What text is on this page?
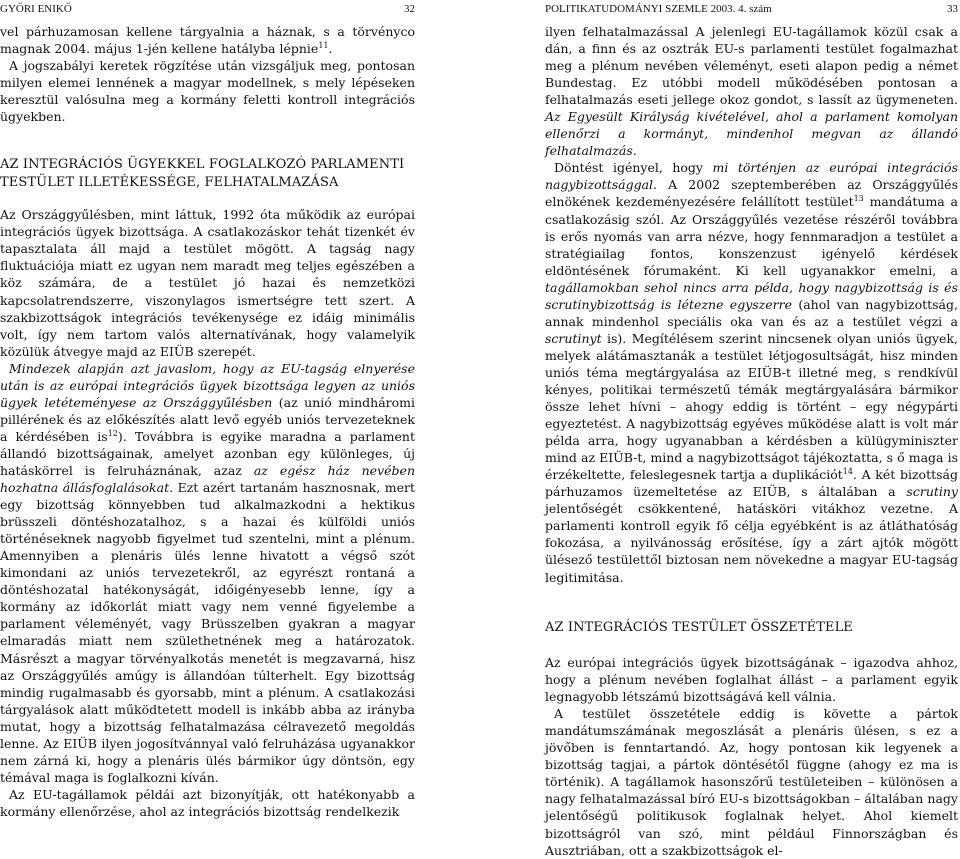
GYŐRI ENIKŐ	32	POLITIKATUDOMÁNYI SZEMLE 2003. 4. szám	33

vel párhuzamosan kellene tárgyalnia a háznak, s a törvényco magnak 2004. május 1-jén kellene hatályba lépnie$^{11}$.

A jogszabályi keretek rögzítése után vizsgáljuk meg, pontosan milyen elemei lennének a magyar modellnek, s mely lépéseken keresztül valósulna meg a kormány feletti kontroll integrációs ügyekben.

AZ INTEGRÁCIÓS ÜGYEKKEL FOGLALKOZÓ PARLAMENTI TESTÜLET ILLETÉKESSÉGE, FELHATALMAZÁSA

Az Országgyűlésben, mint láttuk, 1992 óta működik az európai integrációs ügyek bizottsága. A csatlakozáskor tehát tizenkét év tapasztalata áll majd a testület mögött. A tagság nagy fluktuációja miatt ez ugyan nem maradt meg teljes egészében a köz számára, de a testület jó hazai és nemzetközi kapcsolatrendszerre, viszonylagos ismertségre tett szert. A szakbizottságok integrációs tevékenysége ez idáig minimális volt, így nem tartom valós alternatívának, hogy valamelyik közülük átvegye majd az EIÜB szerepét.

Mindezek alapján azt javaslom, hogy az EU-tagság elnyerése után is az európai integrációs ügyek bizottsága legyen az uniós ügyek letéteményese az Országgyűlésben (az unió mindháromi pillérének és az előkészítés alatt levő egyéb uniós tervezeteknek a kérdésében $is^{12}$). Továbbra is egyike maradna a parlament állandó bizottságainak, amelyet azonban egy különleges, új hatáskörrel is felruháznának, azaz az egész ház nevében hozhatna állásfoglalásokat. Ezt azért tartanám hasznosnak, mert egy bizottság könnyebben tud alkalmazkodni a hektikus brüsszeli döntéshozatalhoz, s a hazai és külföldi uniós történéseknek nagyobb figyelmet tud szentelni, mint a plénum. Amennyiben a plenáris ülés lenne hivatott a végső szót kimondani az uniós tervezetekről, az egyrészt rontaná a döntéshozatal hatékonyságát, időigényesebb lenne, így a kormány az időkorlát miatt vagy nem venné figyelembe a parlament véleményét, vagy Brüsszelben gyakran a magyar elmaradás miatt nem születhetnének meg a határozatok. Másrészt a magyar törvényalkotás menetét is megzavarná, hisz az Országgyűlés amúgy is állandóan túlterhelt. Egy bizottság mindig rugalmasabb és gyorsabb, mint a plénum. A csatlakozási tárgyalások alatt működtetett modell is inkább abba az irányba mutat, hogy a bizottság felhatalmazása célravezető megoldás lenne. Az EIÜB ilyen jogosítvánnyal való felruházása ugyanakkor nem zárná ki, hogy a plenáris ülés bármikor úgy döntsön, egy témával maga is foglalkozni kíván.

Az EU-tagállamok példái azt bizonyítják, ott hatékonyabb a kormány ellenőrzése, ahol az integrációs bizottság rendelkezik

ilyen felhatalmazással A jelenlegi EU-tagállamok közül csak a dán, a finn és az osztrák EU-s parlamenti testület fogalmazhat meg a plénum nevében véleményt, eseti alapon pedig a német Bundestag. Ez utóbbi modell működésében pontosan a felhatalmazás eseti jellege okoz gondot, s lassít az ügymeneten. Az Egyesült Királyság kivételével, ahol a parlament komolyan ellenőrzi a kormányt, mindenhol megvan az állandó felhatalmazás.

Döntést igényel, hogy mi történjen az európai integrációs nagybizottsággal. A 2002 szeptemberében az Országgyűlés elnökének kezdeményezésére felállított testület$^{13}$ mandátuma a csatlakozásig szól. Az Országgyűlés vezetése részéről továbbra is erős nyomás van arra nézve, hogy fennmaradjon a testület a stratégiailag fontos, konszenzust igényelő kérdések eldöntésének fórumaként. Ki kell ugyanakkor emelni, a tagállamokban sehol nincs arra példa, hogy nagybizottság is és scrutinybizottság is létezne egyszerre (ahol van nagybizottság, annak mindenhol speciális oka van és az a testület végzi a scrutinyt is). Megítélésem szerint nincsenek olyan uniós ügyek, melyek alátámasztanák a testület létjogosultságát, hisz minden uniós téma megtárgyalása az EIÜB-t illetné meg, s rendkívül kényes, politikai természetű témák megtárgyalására bármikor össze lehet hívni – ahogy eddig is történt – egy négypárti egyeztetést. A nagybizottság egyéves működése alatt is volt már példa arra, hogy ugyanabban a kérdésben a külügyminiszter mind az EIÜB-t, mind a nagybizottságot tájékoztatta, s ő maga is érzékeltette, feleslegesnek tartja a duplikációt$^{14}$. A két bizottság párhuzamos üzemeltetése az EIÜB, s általában a scrutiny jelentőségét csökkentené, hatásköri vitákhoz vezetne. A parlamenti kontroll egyik fő célja egyébként is az átláthatóság fokozása, a nyilvánosság erősítése, így a zárt ajtók mögött ülésező testülettől biztosan nem növekedne a magyar EU-tagság legitimitása.

AZ INTEGRÁCIÓS TESTÜLET ÖSSZETÉTELE

Az európai integrációs ügyek bizottságának – igazodva ahhoz, hogy a plénum nevében foglalhat állást – a parlament egyik legnagyobb létszámú bizottságává kell válnia.

A testület összetétele eddig is követte a pártok mandátumszámának megoszlását a plenáris ülésen, s ez a jövőben is fenntartandó. Az, hogy pontosan kik legyenek a bizottság tagjai, a pártok döntésétől függne (ahogy ez ma is történik). A tagállamok hasonszőrű testületeiben – különösen a nagy felhatalmazással bíró EU-s bizottságokban – általában nagy jelentőségű politikusok foglalnak helyet. Ahol kiemelt bizottságról van szó, mint például Finnországban és Ausztriában, ott a szakbizottságok el-
